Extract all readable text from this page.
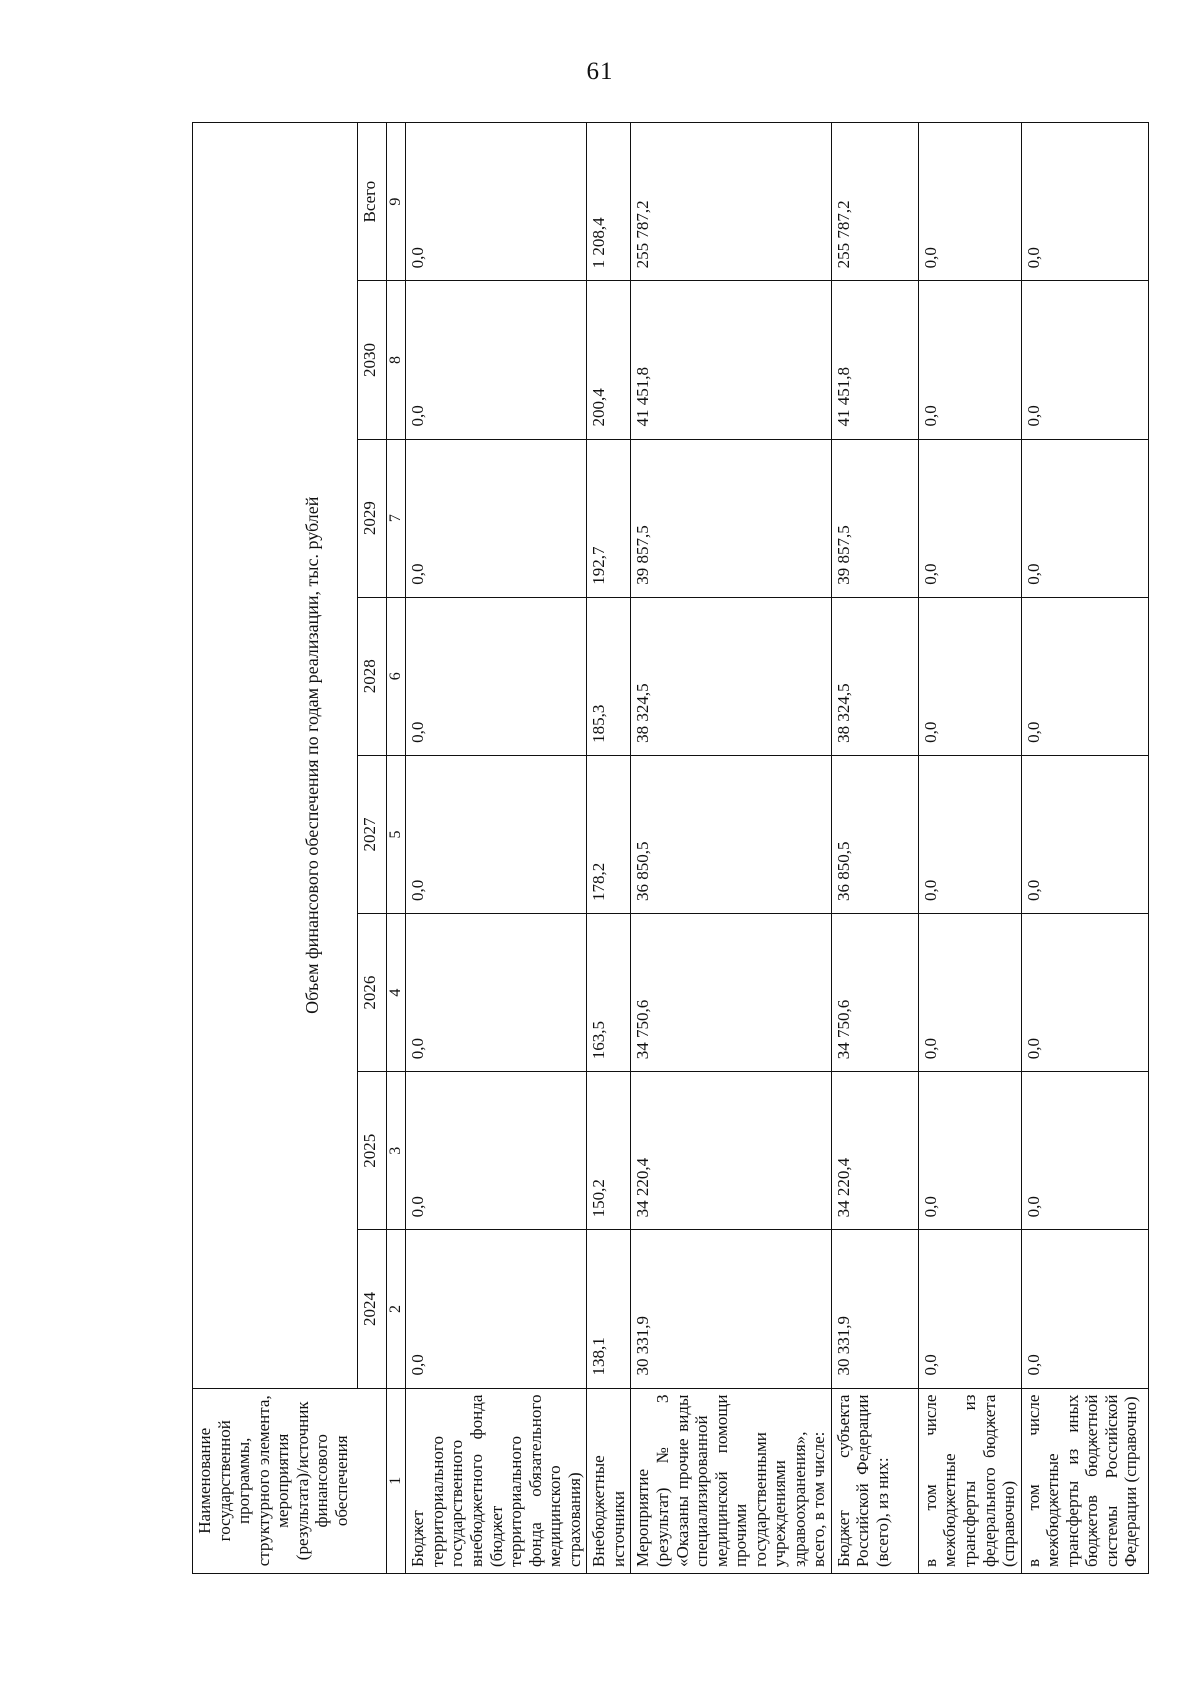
61
Наименование государственной программы, структурного элемента, мероприятия (результата)/источник финансового обеспечения	Объем финансового обеспечения по годам реализации, тыс. рублей							
	2024	2025	2026	2027	2028	2029	2030	Всего
1	2	3	4	5	6	7	8	9
Бюджет территориального государственного внебюджетного фонда (бюджет территориального фонда обязательного медицинского страхования)	0,0	0,0	0,0	0,0	0,0	0,0	0,0	0,0
Внебюджетные источники	138,1	150,2	163,5	178,2	185,3	192,7	200,4	1 208,4
Мероприятие (результат) № 3 «Оказаны прочие виды специализированной медицинской помощи прочими государственными учреждениями здравоохранения», всего, в том числе:	30 331,9	34 220,4	34 750,6	36 850,5	38 324,5	39 857,5	41 451,8	255 787,2
Бюджет субъекта Российской Федерации (всего), из них:	30 331,9	34 220,4	34 750,6	36 850,5	38 324,5	39 857,5	41 451,8	255 787,2
в том числе межбюджетные трансферты из федерального бюджета (справочно)	0,0	0,0	0,0	0,0	0,0	0,0	0,0	0,0
в том числе межбюджетные трансферты из иных бюджетов бюджетной системы Российской Федерации (справочно)	0,0	0,0	0,0	0,0	0,0	0,0	0,0	0,0
